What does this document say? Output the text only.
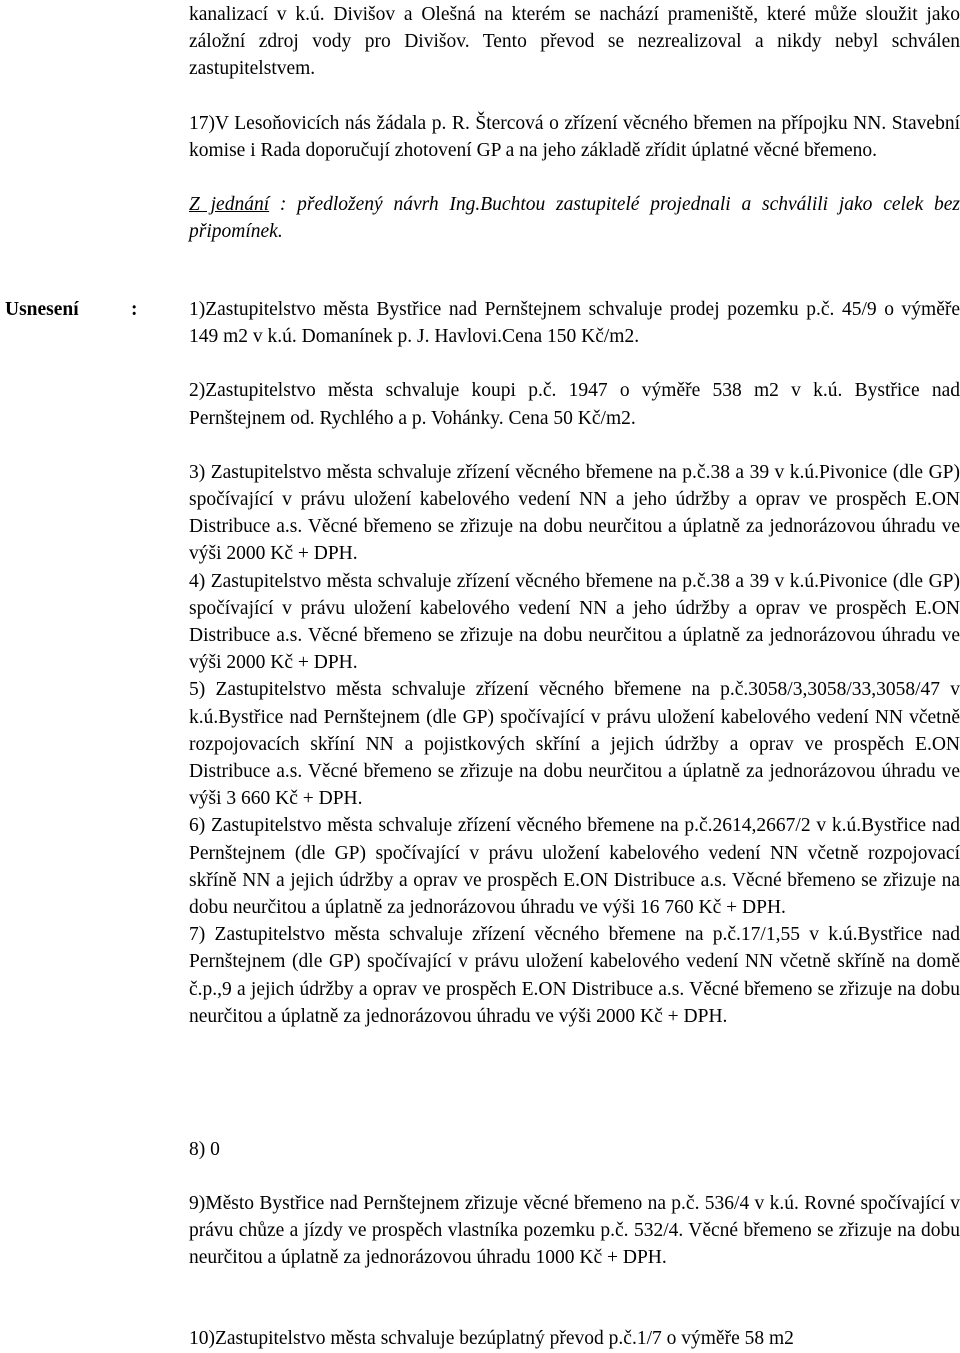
kanalizací v k.ú. Divišov a Olešná na kterém se nachází prameniště, které může sloužit jako záložní zdroj vody pro Divišov. Tento převod se nezrealizoval a nikdy nebyl schválen zastupitelstvem.

17)V Lesoňovicích nás žádala p. R. Štercová o zřízení věcného břemen na přípojku NN. Stavební komise i Rada doporučují zhotovení GP a na jeho základě zřídit úplatné věcné břemeno.

Z jednání : předložený návrh Ing.Buchtou zastupitelé projednali a schválili jako celek bez připomínek.

Usnesení	:	1)Zastupitelstvo města Bystřice nad Pernštejnem schvaluje prodej pozemku p.č. 45/9 o výměře 149 m2 v k.ú. Domanínek p. J. Havlovi.Cena 150 Kč/m2.

2)Zastupitelstvo města schvaluje koupi p.č. 1947 o výměře 538 m2 v k.ú. Bystřice nad Pernštejnem od. Rychlého a p. Vohánky. Cena 50 Kč/m2.

3) Zastupitelstvo města schvaluje zřízení věcného břemene na p.č.38 a 39 v k.ú.Pivonice (dle GP) spočívající v právu uložení kabelového vedení NN a jeho údržby a oprav ve prospěch E.ON Distribuce a.s. Věcné břemeno se zřizuje na dobu neurčitou a úplatně za jednorázovou úhradu ve výši 2000 Kč + DPH.

4) Zastupitelstvo města schvaluje zřízení věcného břemene na p.č.38 a 39 v k.ú.Pivonice (dle GP) spočívající v právu uložení kabelového vedení NN a jeho údržby a oprav ve prospěch E.ON Distribuce a.s. Věcné břemeno se zřizuje na dobu neurčitou a úplatně za jednorázovou úhradu ve výši 2000 Kč + DPH.

5) Zastupitelstvo města schvaluje zřízení věcného břemene na p.č.3058/3,3058/33,3058/47 v k.ú.Bystřice nad Pernštejnem (dle GP) spočívající v právu uložení kabelového vedení NN včetně rozpojovacích skříní NN a pojistkových skříní a jejich údržby a oprav ve prospěch E.ON Distribuce a.s. Věcné břemeno se zřizuje na dobu neurčitou a úplatně za jednorázovou úhradu ve výši 3 660 Kč + DPH.

6) Zastupitelstvo města schvaluje zřízení věcného břemene na p.č.2614,2667/2 v k.ú.Bystřice nad Pernštejnem (dle GP) spočívající v právu uložení kabelového vedení NN včetně rozpojovací skříně NN a jejich údržby a oprav ve prospěch E.ON Distribuce a.s. Věcné břemeno se zřizuje na dobu neurčitou a úplatně za jednorázovou úhradu ve výši 16 760 Kč + DPH.

7) Zastupitelstvo města schvaluje zřízení věcného břemene na p.č.17/1,55 v k.ú.Bystřice nad Pernštejnem (dle GP) spočívající v právu uložení kabelového vedení NN včetně skříně na domě č.p.,9 a jejich údržby a oprav ve prospěch E.ON Distribuce a.s. Věcné břemeno se zřizuje na dobu neurčitou a úplatně za jednorázovou úhradu ve výši 2000 Kč + DPH.

8) 0

9)Město Bystřice nad Pernštejnem zřizuje věcné břemeno na p.č. 536/4 v k.ú. Rovné spočívající v právu chůze a jízdy ve prospěch vlastníka pozemku p.č. 532/4. Věcné břemeno se zřizuje na dobu neurčitou a úplatně za jednorázovou úhradu 1000 Kč + DPH.

10)Zastupitelstvo města schvaluje bezúplatný převod p.č.1/7 o výměře 58 m2
